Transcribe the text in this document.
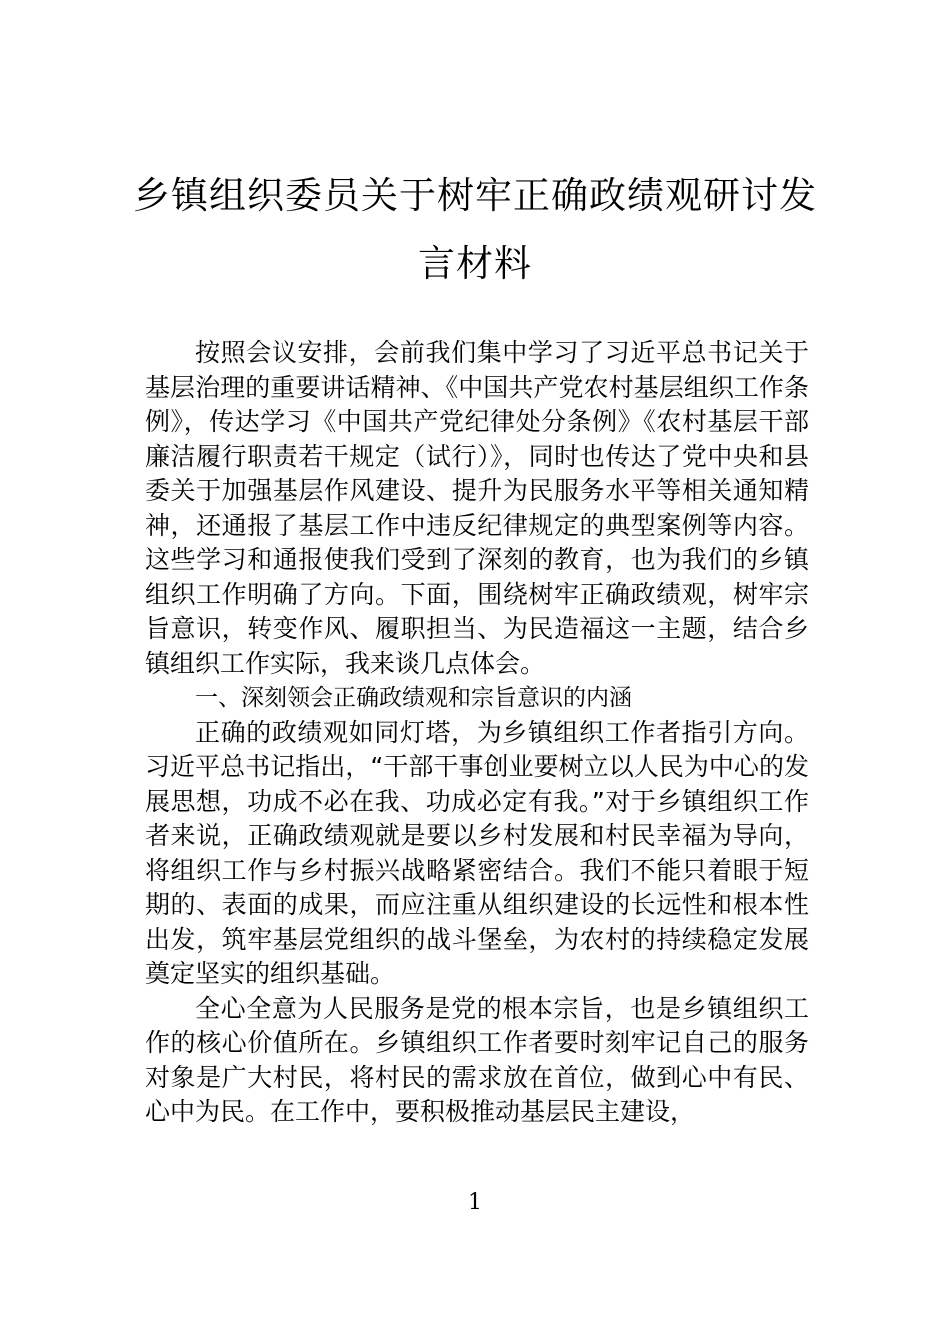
乡镇组织委员关于树牢正确政绩观研讨发言材料

按照会议安排，会前我们集中学习了习近平总书记关于基层治理的重要讲话精神、《中国共产党农村基层组织工作条例》，传达学习《中国共产党纪律处分条例》《农村基层干部廉洁履行职责若干规定（试行）》，同时也传达了党中央和县委关于加强基层作风建设、提升为民服务水平等相关通知精神，还通报了基层工作中违反纪律规定的典型案例等内容。这些学习和通报使我们受到了深刻的教育，也为我们的乡镇组织工作明确了方向。下面，围绕树牢正确政绩观，树牢宗旨意识，转变作风、履职担当、为民造福这一主题，结合乡镇组织工作实际，我来谈几点体会。

一、深刻领会正确政绩观和宗旨意识的内涵

正确的政绩观如同灯塔，为乡镇组织工作者指引方向。习近平总书记指出，“干部干事创业要树立以人民为中心的发展思想，功成不必在我、功成必定有我。”对于乡镇组织工作者来说，正确政绩观就是要以乡村发展和村民幸福为导向，将组织工作与乡村振兴战略紧密结合。我们不能只着眼于短期的、表面的成果，而应注重从组织建设的长远性和根本性出发，筑牢基层党组织的战斗堡垒，为农村的持续稳定发展奠定坚实的组织基础。

全心全意为人民服务是党的根本宗旨，也是乡镇组织工作的核心价值所在。乡镇组织工作者要时刻牢记自己的服务对象是广大村民，将村民的需求放在首位，做到心中有民、心中为民。在工作中，要积极推动基层民主建设，

1
